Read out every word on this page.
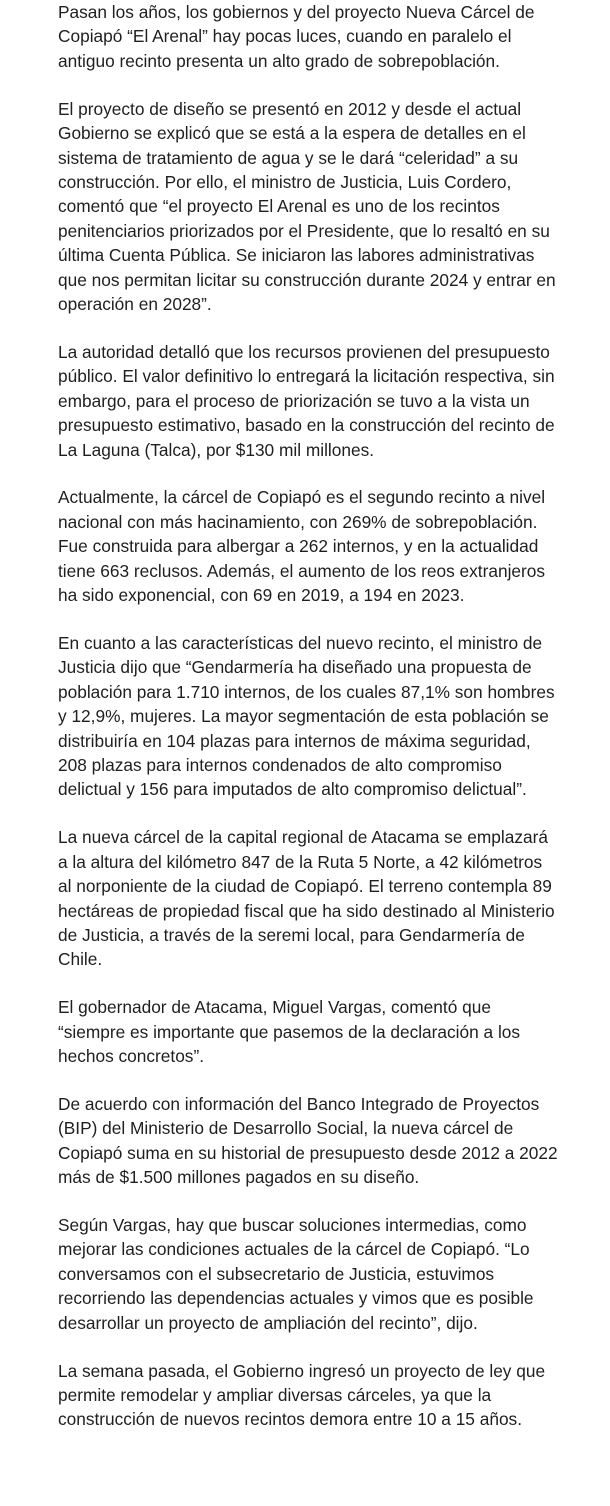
Pasan los años, los gobiernos y del proyecto Nueva Cárcel de Copiapó “El Arenal” hay pocas luces, cuando en paralelo el antiguo recinto presenta un alto grado de sobrepoblación.

El proyecto de diseño se presentó en 2012 y desde el actual Gobierno se explicó que se está a la espera de detalles en el sistema de tratamiento de agua y se le dará “celeridad” a su construcción. Por ello, el ministro de Justicia, Luis Cordero, comentó que “el proyecto El Arenal es uno de los recintos penitenciarios priorizados por el Presidente, que lo resaltó en su última Cuenta Pública. Se iniciaron las labores administrativas que nos permitan licitar su construcción durante 2024 y entrar en operación en 2028”.

La autoridad detalló que los recursos provienen del presupuesto público. El valor definitivo lo entregará la licitación respectiva, sin embargo, para el proceso de priorización se tuvo a la vista un presupuesto estimativo, basado en la construcción del recinto de La Laguna (Talca), por $130 mil millones.

Actualmente, la cárcel de Copiapó es el segundo recinto a nivel nacional con más hacinamiento, con 269% de sobrepoblación. Fue construida para albergar a 262 internos, y en la actualidad tiene 663 reclusos. Además, el aumento de los reos extranjeros ha sido exponencial, con 69 en 2019, a 194 en 2023.

En cuanto a las características del nuevo recinto, el ministro de Justicia dijo que “Gendarmería ha diseñado una propuesta de población para 1.710 internos, de los cuales 87,1% son hombres y 12,9%, mujeres. La mayor segmentación de esta población se distribuiría en 104 plazas para internos de máxima seguridad, 208 plazas para internos condenados de alto compromiso delictual y 156 para imputados de alto compromiso delictual”.

La nueva cárcel de la capital regional de Atacama se emplazará a la altura del kilómetro 847 de la Ruta 5 Norte, a 42 kilómetros al norponiente de la ciudad de Copiapó. El terreno contempla 89 hectáreas de propiedad fiscal que ha sido destinado al Ministerio de Justicia, a través de la seremi local, para Gendarmería de Chile.

El gobernador de Atacama, Miguel Vargas, comentó que “siempre es importante que pasemos de la declaración a los hechos concretos”.

De acuerdo con información del Banco Integrado de Proyectos (BIP) del Ministerio de Desarrollo Social, la nueva cárcel de Copiapó suma en su historial de presupuesto desde 2012 a 2022 más de $1.500 millones pagados en su diseño.

Según Vargas, hay que buscar soluciones intermedias, como mejorar las condiciones actuales de la cárcel de Copiapó. “Lo conversamos con el subsecretario de Justicia, estuvimos recorriendo las dependencias actuales y vimos que es posible desarrollar un proyecto de ampliación del recinto”, dijo.

La semana pasada, el Gobierno ingresó un proyecto de ley que permite remodelar y ampliar diversas cárceles, ya que la construcción de nuevos recintos demora entre 10 a 15 años.
